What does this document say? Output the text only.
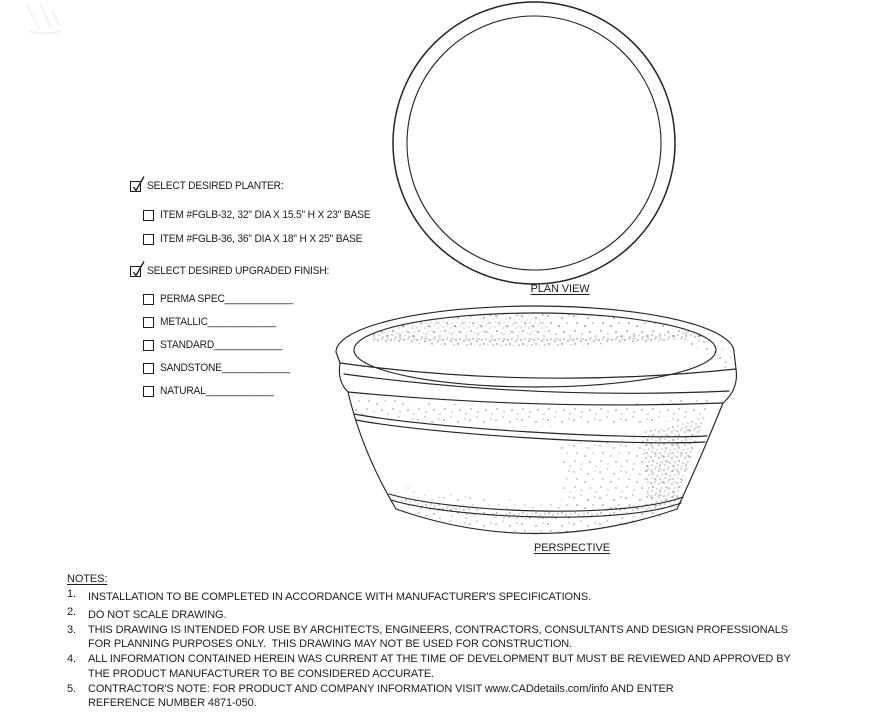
SELECT DESIRED PLANTER:
ITEM #FGLB-32, 32" DIA X 15.5" H X 23" BASE
ITEM #FGLB-36, 36" DIA X 18" H X 25" BASE
SELECT DESIRED UPGRADED FINISH:
PERMA SPEC_____________
METALLIC_____________
STANDARD_____________
SANDSTONE_____________
NATURAL_____________
PLAN VIEW
PERSPECTIVE
NOTES:
1.	INSTALLATION TO BE COMPLETED IN ACCORDANCE WITH MANUFACTURER'S SPECIFICATIONS.
2.	DO NOT SCALE DRAWING.
3.	THIS DRAWING IS INTENDED FOR USE BY ARCHITECTS, ENGINEERS, CONTRACTORS, CONSULTANTS AND DESIGN PROFESSIONALS
FOR PLANNING PURPOSES ONLY.  THIS DRAWING MAY NOT BE USED FOR CONSTRUCTION.
4.	ALL INFORMATION CONTAINED HEREIN WAS CURRENT AT THE TIME OF DEVELOPMENT BUT MUST BE REVIEWED AND APPROVED BY
THE PRODUCT MANUFACTURER TO BE CONSIDERED ACCURATE.
5.	CONTRACTOR'S NOTE: FOR PRODUCT AND COMPANY INFORMATION VISIT www.CADdetails.com/info AND ENTER
REFERENCE NUMBER 4871-050.
